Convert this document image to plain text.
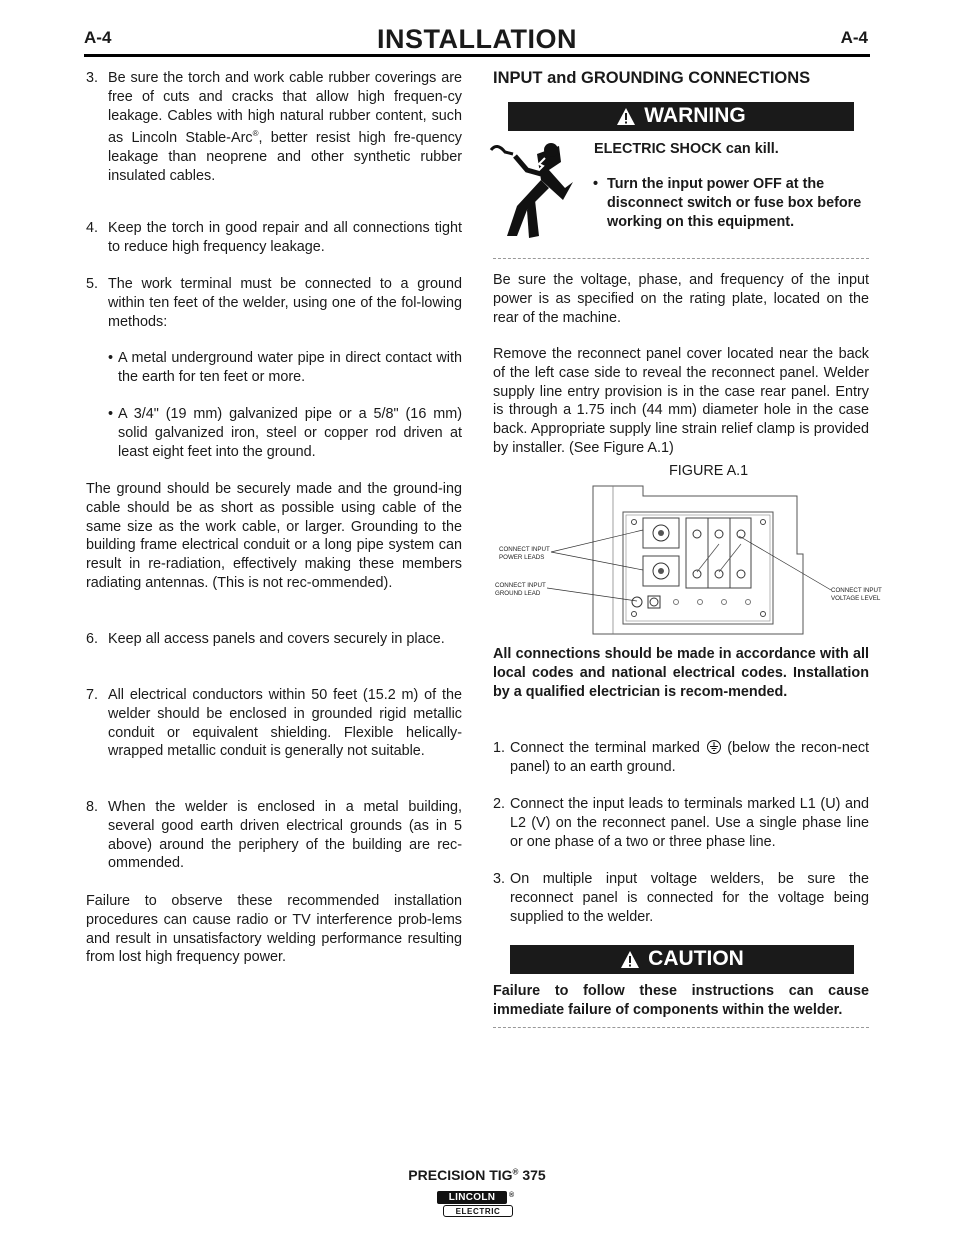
A-4	A-4
INSTALLATION
3. Be sure the torch and work cable rubber coverings are free of cuts and cracks that allow high frequen-cy leakage. Cables with high natural rubber content, such as Lincoln Stable-Arc®, better resist high fre-quency leakage than neoprene and other synthetic rubber insulated cables.
4. Keep the torch in good repair and all connections tight to reduce high frequency leakage.
5. The work terminal must be connected to a ground within ten feet of the welder, using one of the fol-lowing methods:
• A metal underground water pipe in direct contact with the earth for ten feet or more.
• A 3/4" (19 mm) galvanized pipe or a 5/8" (16 mm) solid galvanized iron, steel or copper rod driven at least eight feet into the ground.
The ground should be securely made and the ground-ing cable should be as short as possible using cable of the same size as the work cable, or larger. Grounding to the building frame electrical conduit or a long pipe system can result in re-radiation, effectively making these members radiating antennas. (This is not rec-ommended).
6. Keep all access panels and covers securely in place.
7. All electrical conductors within 50 feet (15.2 m) of the welder should be enclosed in grounded rigid metallic conduit or equivalent shielding. Flexible helically-wrapped metallic conduit is generally not suitable.
8. When the welder is enclosed in a metal building, several good earth driven electrical grounds (as in 5 above) around the periphery of the building are rec-ommended.
Failure to observe these recommended installation procedures can cause radio or TV interference prob-lems and result in unsatisfactory welding performance resulting from lost high frequency power.
INPUT and GROUNDING CONNECTIONS
WARNING
ELECTRIC SHOCK can kill.
• Turn the input power OFF at the disconnect switch or fuse box before working on this equipment.
Be sure the voltage, phase, and frequency of the input power is as specified on the rating plate, located on the rear of the machine.
Remove the reconnect panel cover located near the back of the left case side to reveal the reconnect panel. Welder supply line entry provision is in the case rear panel. Entry is through a 1.75 inch (44 mm) diameter hole in the case back. Appropriate supply line strain relief clamp is provided by installer. (See Figure A.1)
FIGURE A.1
CONNECT INPUT
POWER LEADS
CONNECT INPUT
GROUND LEAD	CONNECT INPUT
VOLTAGE LEVEL
All connections should be made in accordance with all local codes and national electrical codes. Installation by a qualified electrician is recom-mended.
1. Connect the terminal marked (below the recon-nect panel) to an earth ground.
2. Connect the input leads to terminals marked L1 (U) and L2 (V) on the reconnect panel. Use a single phase line or one phase of a two or three phase line.
3. On multiple input voltage welders, be sure the reconnect panel is connected for the voltage being supplied to the welder.
CAUTION
Failure to follow these instructions can cause immediate failure of components within the welder.
PRECISION TIG® 375
LINCOLN	®
ELECTRIC
